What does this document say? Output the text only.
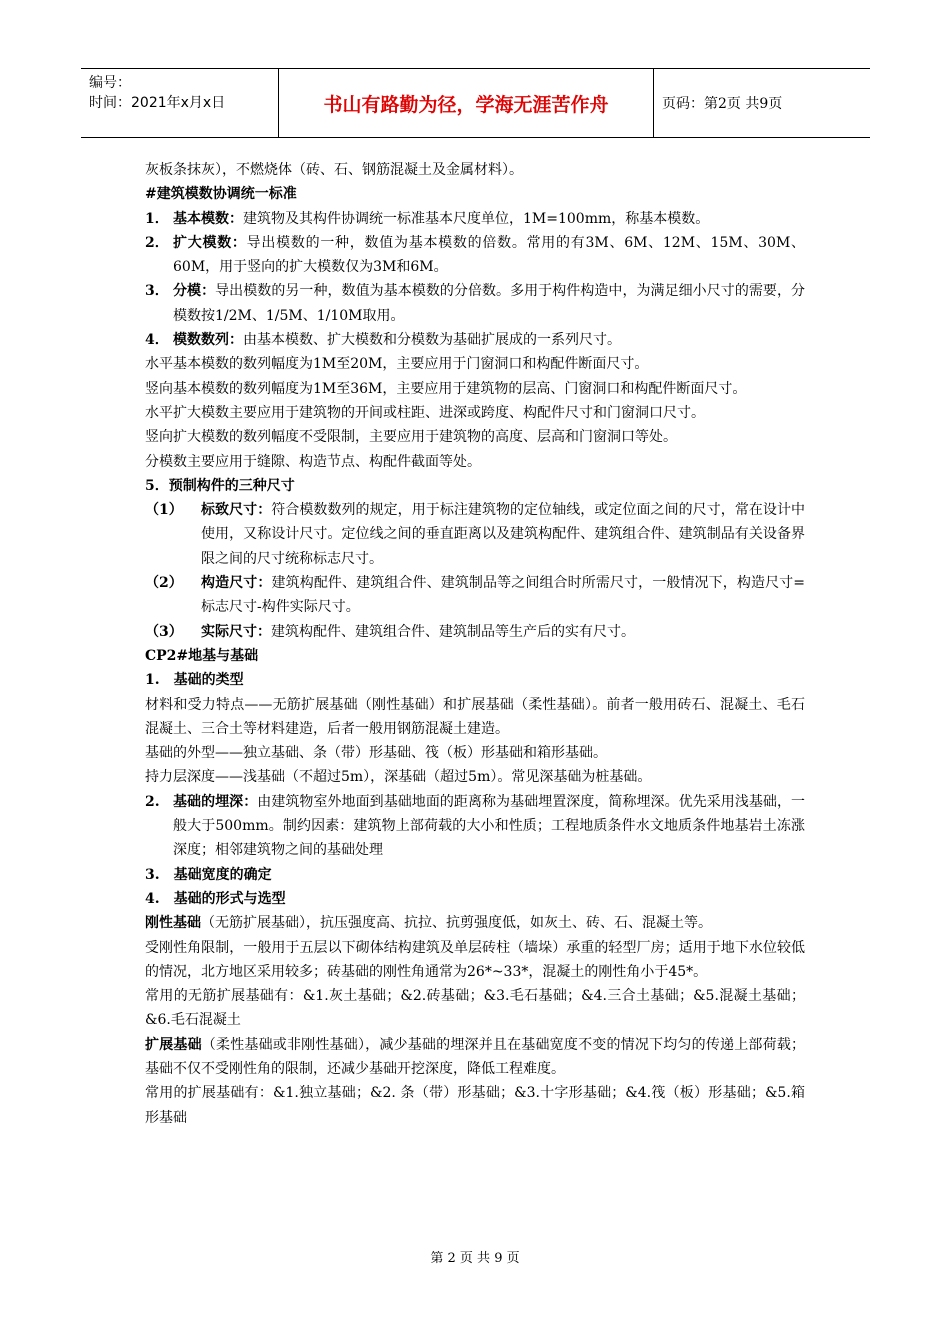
编号：
时间：2021年x月x日	书山有路勤为径，学海无涯苦作舟	页码：第2页 共9页

灰板条抹灰），不燃烧体（砖、石、钢筋混凝土及金属材料）。

#建筑模数协调统一标准

1． 基本模数：建筑物及其构件协调统一标准基本尺度单位，1M=100mm，称基本模数。
2． 扩大模数：导出模数的一种，数值为基本模数的倍数。常用的有3M、6M、12M、15M、30M、60M，用于竖向的扩大模数仅为3M和6M。
3． 分模：导出模数的另一种，数值为基本模数的分倍数。多用于构件构造中，为满足细小尺寸的需要，分模数按1/2M、1/5M、1/10M取用。
4． 模数数列：由基本模数、扩大模数和分模数为基础扩展成的一系列尺寸。

水平基本模数的数列幅度为1M至20M，主要应用于门窗洞口和构配件断面尺寸。

竖向基本模数的数列幅度为1M至36M，主要应用于建筑物的层高、门窗洞口和构配件断面尺寸。

水平扩大模数主要应用于建筑物的开间或柱距、进深或跨度、构配件尺寸和门窗洞口尺寸。

竖向扩大模数的数列幅度不受限制，主要应用于建筑物的高度、层高和门窗洞口等处。

分模数主要应用于缝隙、构造节点、构配件截面等处。

5．预制构件的三种尺寸

（1）	标致尺寸：符合模数数列的规定，用于标注建筑物的定位轴线，或定位面之间的尺寸，常在设计中使用，又称设计尺寸。定位线之间的垂直距离以及建筑构配件、建筑组合件、建筑制品有关设备界限之间的尺寸统称标志尺寸。
（2）	构造尺寸：建筑构配件、建筑组合件、建筑制品等之间组合时所需尺寸，一般情况下，构造尺寸=标志尺寸-构件实际尺寸。
（3）	实际尺寸：建筑构配件、建筑组合件、建筑制品等生产后的实有尺寸。

CP2#地基与基础

1.　基础的类型

材料和受力特点——无筋扩展基础（刚性基础）和扩展基础（柔性基础）。前者一般用砖石、混凝土、毛石混凝土、三合土等材料建造，后者一般用钢筋混凝土建造。

基础的外型——独立基础、条（带）形基础、筏（板）形基础和箱形基础。

持力层深度——浅基础（不超过5m），深基础（超过5m）。常见深基础为桩基础。

2. 基础的埋深：由建筑物室外地面到基础地面的距离称为基础埋置深度，简称埋深。优先采用浅基础，一般大于500mm。制约因素：建筑物上部荷载的大小和性质；工程地质条件水文地质条件地基岩土冻涨深度；相邻建筑物之间的基础处理

3.　基础宽度的确定

4.　基础的形式与选型

刚性基础（无筋扩展基础），抗压强度高、抗拉、抗剪强度低，如灰土、砖、石、混凝土等。

受刚性角限制，一般用于五层以下砌体结构建筑及单层砖柱（墙垛）承重的轻型厂房；适用于地下水位较低的情况，北方地区采用较多；砖基础的刚性角通常为26*~33*，混凝土的刚性角小于45*。

常用的无筋扩展基础有：&1.灰土基础；&2.砖基础；&3.毛石基础；&4.三合土基础；&5.混凝土基础；&6.毛石混凝土

扩展基础（柔性基础或非刚性基础），减少基础的埋深并且在基础宽度不变的情况下均匀的传递上部荷载；基础不仅不受刚性角的限制，还减少基础开挖深度，降低工程难度。

常用的扩展基础有：&1.独立基础；&2. 条（带）形基础；&3.十字形基础；&4.筏（板）形基础；&5.箱形基础

第 2 页 共 9 页
